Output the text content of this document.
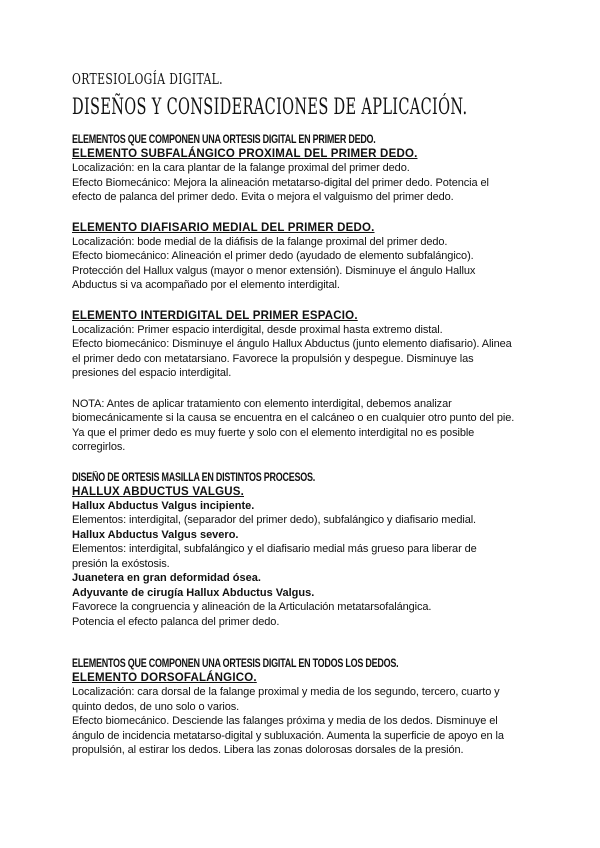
ORTESIOLOGÍA DIGITAL.
DISEÑOS Y CONSIDERACIONES DE APLICACIÓN.
ELEMENTOS QUE COMPONEN UNA ORTESIS DIGITAL EN PRIMER DEDO.
ELEMENTO SUBFALÁNGICO PROXIMAL DEL PRIMER DEDO.

Localización: en la cara plantar de la falange proximal del primer dedo.

Efecto Biomecánico: Mejora la alineación metatarso-digital del primer dedo. Potencia el

efecto de palanca del primer dedo. Evita o mejora el valguismo del primer dedo.

ELEMENTO DIAFISARIO MEDIAL DEL PRIMER DEDO.

Localización: bode medial de la diáfisis de la falange proximal del primer dedo.

Efecto biomecánico: Alineación el primer dedo (ayudado de elemento subfalángico).

Protección del Hallux valgus (mayor o menor extensión). Disminuye el ángulo Hallux

Abductus si va acompañado por el elemento interdigital.

ELEMENTO INTERDIGITAL DEL PRIMER ESPACIO.

Localización: Primer espacio interdigital, desde proximal hasta extremo distal.

Efecto biomecánico: Disminuye el ángulo Hallux Abductus (junto elemento diafisario). Alinea

el primer dedo con metatarsiano. Favorece la propulsión y despegue. Disminuye las

presiones del espacio interdigital.

NOTA: Antes de aplicar tratamiento con elemento interdigital, debemos analizar

biomecánicamente si la causa se encuentra en el calcáneo o en cualquier otro punto del pie.

Ya que el primer dedo es muy fuerte y solo con el elemento interdigital no es posible

corregirlos.

DISEÑO DE ORTESIS MASILLA EN DISTINTOS PROCESOS.
HALLUX ABDUCTUS VALGUS.

Hallux Abductus Valgus incipiente.

Elementos: interdigital, (separador del primer dedo), subfalángico y diafisario medial.

Hallux Abductus Valgus severo.

Elementos: interdigital, subfalángico y el diafisario medial más grueso para liberar de

presión la exóstosis.

Juanetera en gran deformidad ósea.

Adyuvante de cirugía Hallux Abductus Valgus.

Favorece la congruencia y alineación de la Articulación metatarsofalángica.

Potencia el efecto palanca del primer dedo.

ELEMENTOS QUE COMPONEN UNA ORTESIS DIGITAL EN TODOS LOS DEDOS.
ELEMENTO DORSOFALÁNGICO.

Localización: cara dorsal de la falange proximal y media de los segundo, tercero, cuarto y

quinto dedos, de uno solo o varios.

Efecto biomecánico. Desciende las falanges próxima y media de los dedos. Disminuye el

ángulo de incidencia metatarso-digital y subluxación. Aumenta la superficie de apoyo en la

propulsión, al estirar los dedos. Libera las zonas dolorosas dorsales de la presión.
